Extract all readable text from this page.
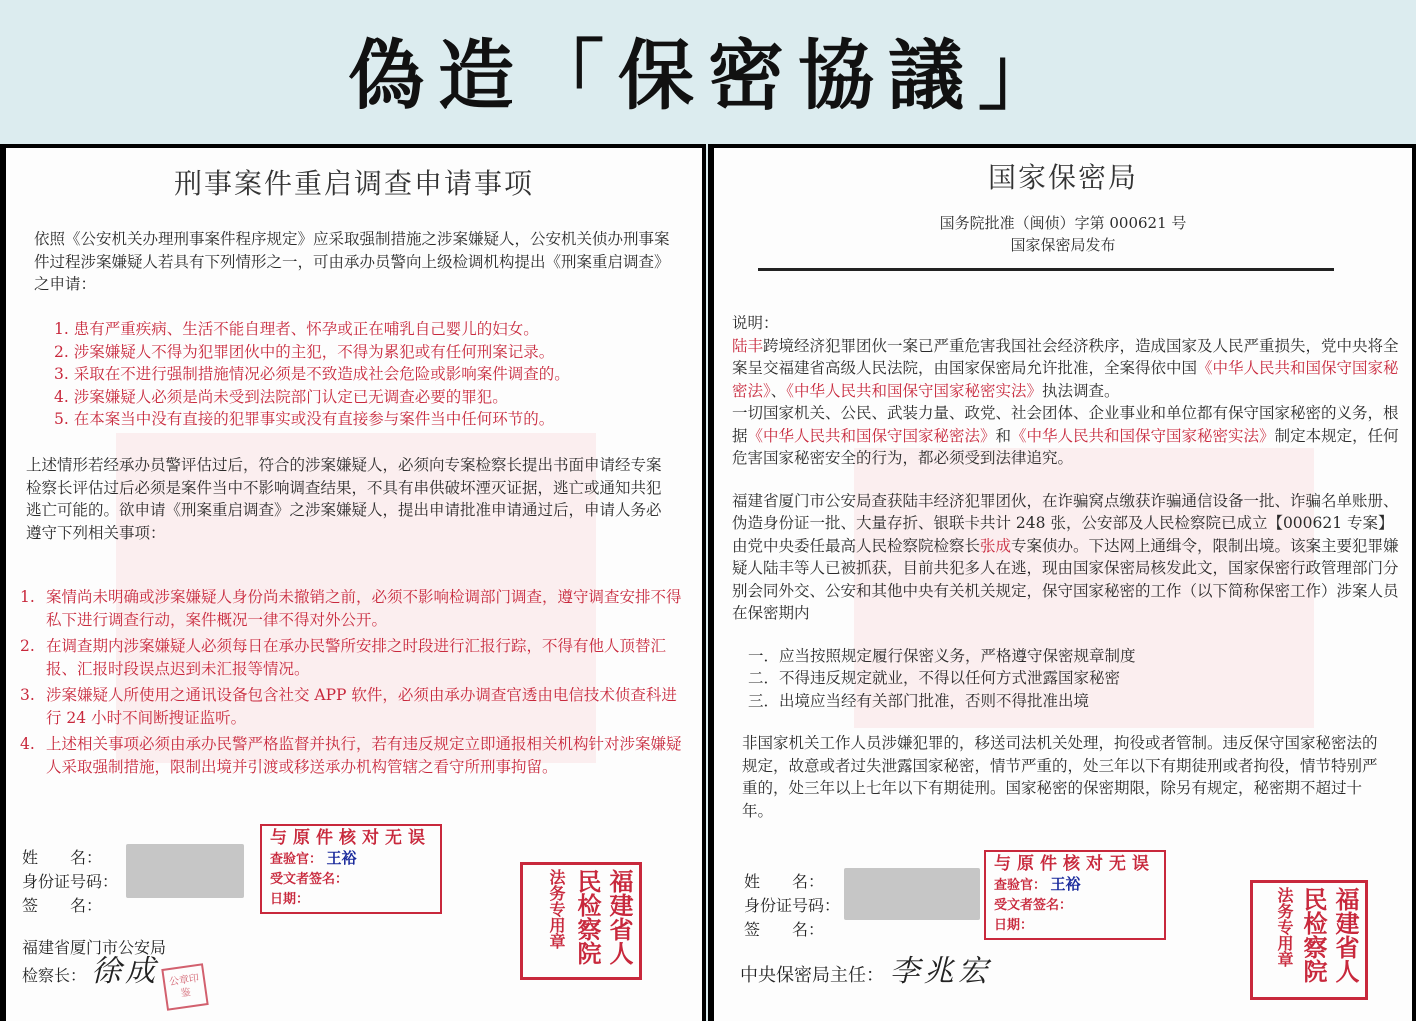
偽造「保密協議」
刑事案件重启调查申请事项
依照《公安机关办理刑事案件程序规定》应采取强制措施之涉案嫌疑人，公安机关侦办刑事案件过程涉案嫌疑人若具有下列情形之一，可由承办员警向上级检调机构提出《刑案重启调查》之申请：
1. 患有严重疾病、生活不能自理者、怀孕或正在哺乳自己婴儿的妇女。
2. 涉案嫌疑人不得为犯罪团伙中的主犯，不得为累犯或有任何刑案记录。
3. 采取在不进行强制措施情况必须是不致造成社会危险或影响案件调查的。
4. 涉案嫌疑人必须是尚未受到法院部门认定已无调查必要的罪犯。
5. 在本案当中没有直接的犯罪事实或没有直接参与案件当中任何环节的。
上述情形若经承办员警评估过后，符合的涉案嫌疑人，必须向专案检察长提出书面申请经专案检察长评估过后必须是案件当中不影响调查结果，不具有串供破坏湮灭证据，逃亡或通知共犯逃亡可能的。欲申请《刑案重启调查》之涉案嫌疑人，提出申请批准申请通过后，申请人务必遵守下列相关事项：
1. 案情尚未明确或涉案嫌疑人身份尚未撤销之前，必须不影响检调部门调查，遵守调查安排不得私下进行调查行动，案件概况一律不得对外公开。
2. 在调查期内涉案嫌疑人必须每日在承办民警所安排之时段进行汇报行踪，不得有他人顶替汇报、汇报时段误点迟到未汇报等情况。
3. 涉案嫌疑人所使用之通讯设备包含社交 APP 软件，必须由承办调查官透由电信技术侦查科进行 24 小时不间断搜证监听。
4. 上述相关事项必须由承办民警严格监督并执行，若有违反规定立即通报相关机构针对涉案嫌疑人采取强制措施，限制出境并引渡或移送承办机构管辖之看守所刑事拘留。
姓　　名：
身份证号码：
签　　名：
与原件核对无误
查验官： 王裕
受文者签名：
日期：	福建省人
民检察院
法务专用章
福建省厦门市公安局
检察长： 徐成 公章印鉴
国家保密局
国务院批准（闽侦）字第 000621 号
国家保密局发布
说明：
陆丰跨境经济犯罪团伙一案已严重危害我国社会经济秩序，造成国家及人民严重损失，党中央将全案呈交福建省高级人民法院，由国家保密局允许批准，全案得依中国《中华人民共和国保守国家秘密法》、《中华人民共和国保守国家秘密实法》执法调查。
一切国家机关、公民、武装力量、政党、社会团体、企业事业和单位都有保守国家秘密的义务，根据《中华人民共和国保守国家秘密法》和《中华人民共和国保守国家秘密实法》制定本规定，任何危害国家秘密安全的行为，都必须受到法律追究。
福建省厦门市公安局查获陆丰经济犯罪团伙，在诈骗窝点缴获诈骗通信设备一批、诈骗名单账册、伪造身份证一批、大量存折、银联卡共计 248 张，公安部及人民检察院已成立【000621 专案】由党中央委任最高人民检察院检察长张成专案侦办。下达网上通缉令，限制出境。该案主要犯罪嫌疑人陆丰等人已被抓获，目前共犯多人在逃，现由国家保密局核发此文，国家保密行政管理部门分别会同外交、公安和其他中央有关机关规定，保守国家秘密的工作（以下简称保密工作）涉案人员在保密期内
一．应当按照规定履行保密义务，严格遵守保密规章制度
二．不得违反规定就业，不得以任何方式泄露国家秘密
三．出境应当经有关部门批准，否则不得批准出境
非国家机关工作人员涉嫌犯罪的，移送司法机关处理，拘役或者管制。违反保守国家秘密法的规定，故意或者过失泄露国家秘密，情节严重的，处三年以下有期徒刑或者拘役，情节特别严重的，处三年以上七年以下有期徒刑。国家秘密的保密期限，除另有规定，秘密期不超过十年。
姓　　名：
身份证号码：
签　　名：
与原件核对无误
查验官： 王裕
受文者签名：
日期：	福建省人
民检察院
法务专用章
中央保密局主任： 李兆宏
